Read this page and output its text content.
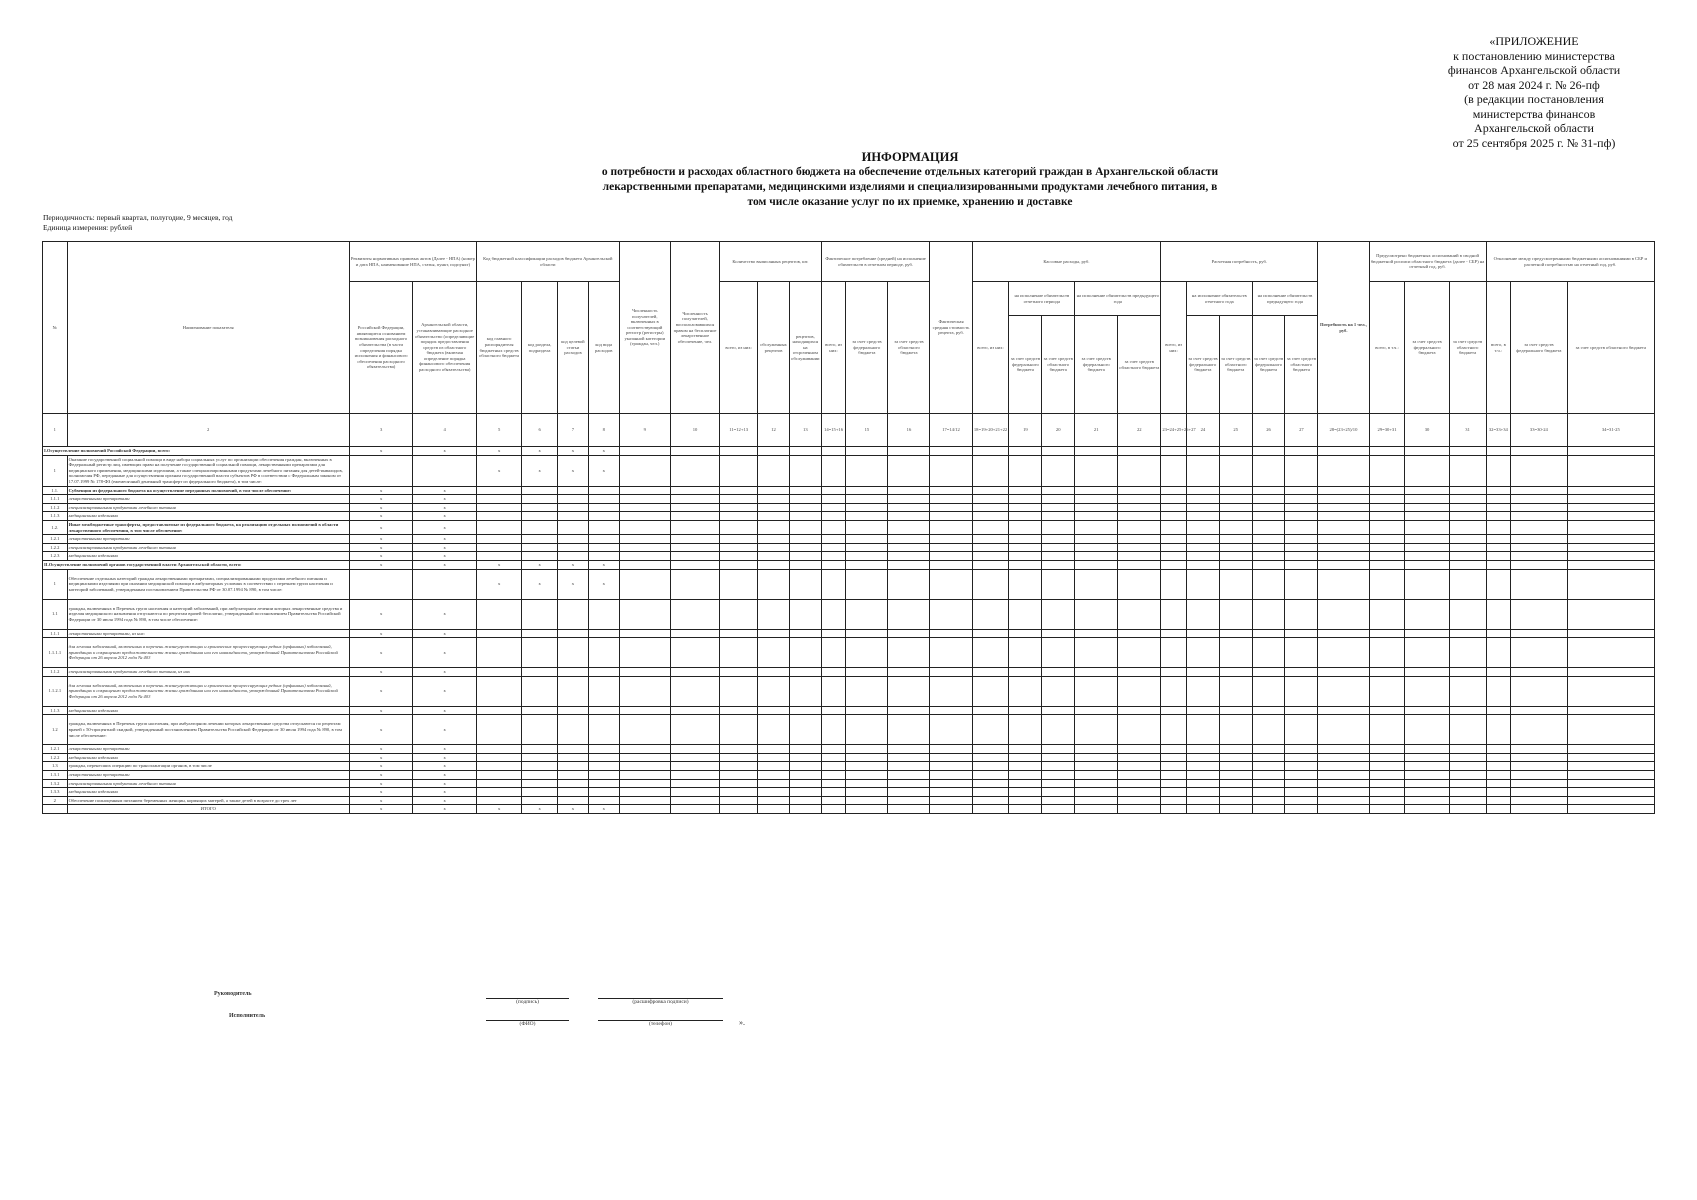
«ПРИЛОЖЕНИЕ
к постановлению министерства
финансов Архангельской области
от 28 мая 2024 г. № 26-пф
(в редакции постановления
министерства финансов
Архангельской области
от 25 сентября 2025 г. № 31-пф)
ИНФОРМАЦИЯ
о потребности и расходах областного бюджета на обеспечение отдельных категорий граждан в Архангельской области
лекарственными препаратами, медицинскими изделиями и специализированными продуктами лечебного питания, в
том числе оказание услуг по их приемке, хранению и доставке
Периодичность: первый квартал, полугодие, 9 месяцев, год
Единица измерения: рублей
№	Наименование показателя	Реквизиты нормативных правовых актов (Далее - НПА) (номер и дата НПА, наименование НПА, статья, пункт, подпункт)		Код бюджетной классификации расходов бюджета Архангельской области				Численность получателей, включенных в соответствующий регистр (регистры) указанной категории (граждан, чел.)	Численность получателей, воспользовавшихся правом на бесплатное лекарственное обеспечение, чел.	Количество выписанных рецептов, шт.			Фактическое потребление (средней) на исполнение обязательств в отчетном периоде, руб.			Фактическая средняя стоимость рецепта, руб.	Кассовые расходы, руб.					Расчетная потребность, руб.					Потребность на 1 чел., руб.	Предусмотрено бюджетных ассигнований в сводной бюджетной росписи областного бюджета (далее - СБР) на отчетный год, руб.			Отклонение между предусмотренными бюджетными ассигнованиями в СБР и расчетной потребностью на отчетный год, руб.		
		Российской Федерации, являющиеся основанием возникновения расходного обязательства (в части определения порядка исполнения и финансового обеспечения расходного обязательства)	Архангельской области, устанавливающие расходное обязательство (определяющие порядок предоставления средств из областного бюджета (включая определение порядка финансового обеспечения расходного обязательства)	код главного распорядителя бюджетных средств областного бюджета	код раздела, подраздела	код целевой статьи расходов	код вида расходов			всего, из них:	обслуженных рецептов	рецептов, находящихся на отсроченном обслуживании	всего, из них:	за счет средств федерального бюджета	за счет средств областного бюджета		всего, из них:	на исполнение обязательств отчетного периода		на исполнение обязательств предыдущего года		всего, из них:	на исполнение обязательств отчетного года		на исполнение обязательств предыдущего года			всего, в т.ч.:	за счет средств федерального бюджета	за счет средств областного бюджета	всего, в т.ч.:	за счет средств федерального бюджета	за счет средств областного бюджета
																		за счет средств федерального бюджета	за счет средств областного бюджета	за счет средств федерального бюджета	за счет средств областного бюджета		за счет средств федерального бюджета	за счет средств областного бюджета	за счет средств федерального бюджета	за счет средств областного бюджета							
1	2	3	4	5	6	7	8	9	10	11=12+13	12	13	14=15+16	15	16	17=14/12	18=19+20+21+22	19	20	21	22	23=24+25+26+27	24	25	26	27	28=(23+25)/10	29=30+31	30	31	32=33+34	33=30-24	34=31-25
I.Осуществление полномочий Российской Федерации, всего:		х	х	х	х	х	х																										
1	Оказание государственной социальной помощи в виде набора социальных услуг по организации обеспечения граждан, включенных в Федеральный регистр лиц, имеющих право на получение государственной социальной помощи, лекарственными препаратами для медицинского применения, медицинскими изделиями, а также специализированными продуктами лечебного питания для детей-инвалидов, полномочия РФ, переданные для осуществления органам государственной власти субъектов РФ в соответствии с Федеральным законом от 17.07.1999 № 178-ФЗ (ежемесячный денежный трансферт из федерального бюджета), в том числе:			х	х	х	х																										
1.1.	Субвенция из федерального бюджета на осуществление переданных полномочий, в том числе обеспечение:	х	х																														
1.1.1	лекарственными препаратами	х	х																														
1.1.2	специализированными продуктами лечебного питания	х	х																														
1.1.3	медицинскими изделиями	х	х																														
1.2.	Иные межбюджетные трансферты, предоставляемые из федерального бюджета, на реализацию отдельных полномочий в области лекарственного обеспечения, в том числе обеспечение:	х	х																														
1.2.1	лекарственными препаратами	х	х																														
1.2.2	специализированными продуктами лечебного питания	х	х																														
1.2.3	медицинскими изделиями	х	х																														
II.Осуществление полномочий органов государственной власти Архангельской области, всего:		х	х	х	х	х	х																										
1	Обеспечение отдельных категорий граждан лекарственными препаратами, специализированными продуктами лечебного питания и медицинскими изделиями при оказании медицинской помощи в амбулаторных условиях в соответствии с перечнем групп населения и категорий заболеваний, утвержденным постановлением Правительства РФ от 30.07.1994 № 890, в том числе:			х	х	х	х																										
1.1	граждан, включенных в Перечень групп населения и категорий заболеваний, при амбулаторном лечении которых лекарственные средства и изделия медицинского назначения отпускаются по рецептам врачей бесплатно, утвержденный постановлением Правительства Российской Федерации от 30 июля 1994 года № 890, в том числе обеспечение:	х	х																														
1.1.1	лекарственными препаратами, из них:	х	х																														
1.1.1.1	для лечения заболеваний, включенных в перечень жизнеугрожающих и хронических прогрессирующих редких (орфанных) заболеваний, приводящих к сокращению продолжительности жизни гражданина или его инвалидности, утвержденный Правительством Российской Федерации от 26 апреля 2012 года № 403	х	х																														
1.1.2	специализированными продуктами лечебного питания, из них	х	х																														
1.1.2.1	для лечения заболеваний, включенных в перечень жизнеугрожающих и хронических прогрессирующих редких (орфанных) заболеваний, приводящих к сокращению продолжительности жизни гражданина или его инвалидности, утвержденный Правительством Российской Федерации от 26 апреля 2012 года № 403	х	х																														
1.1.3	медицинскими изделиями	х	х																														
1.2	граждан, включенных в Перечень групп населения, при амбулаторном лечении которых лекарственные средства отпускаются по рецептам врачей с 50-процентной скидкой, утвержденный постановлением Правительства Российской Федерации от 30 июля 1994 года № 890, в том числе обеспечение:	х	х																														
1.2.1	лекарственными препаратами	х	х																														
1.2.2	медицинскими изделиями	х	х																														
1.3	граждан, перенесших операцию по трансплантации органов, в том числе	х	х																														
1.3.1	лекарственными препаратами	х	х																														
1.3.2	специализированными продуктами лечебного питания	х	х																														
1.3.3	медицинскими изделиями	х	х																														
2	Обеспечение полноценным питанием беременных женщин, кормящих матерей, а также детей в возрасте до трех лет	х	х																														
	ИТОГО	х	х	х	х	х	х																										
Руководитель
(подпись)	(расшифровка подписи)
Исполнитель
(ФИО)	(телефон)	».
